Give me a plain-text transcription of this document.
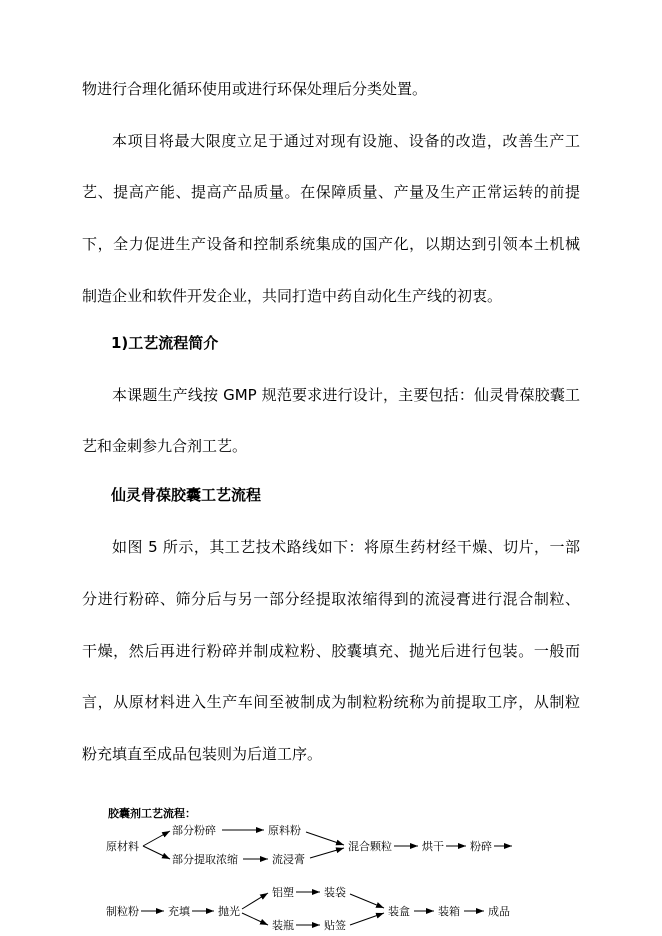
物进行合理化循环使用或进行环保处理后分类处置。
本项目将最大限度立足于通过对现有设施、设备的改造，改善生产工
艺、提高产能、提高产品质量。在保障质量、产量及生产正常运转的前提
下，全力促进生产设备和控制系统集成的国产化，以期达到引领本土机械
制造企业和软件开发企业，共同打造中药自动化生产线的初衷。
1)工艺流程简介
本课题生产线按 GMP 规范要求进行设计，主要包括：仙灵骨葆胶囊工
艺和金刺参九合剂工艺。
仙灵骨葆胶囊工艺流程
如图 5 所示，其工艺技术路线如下：将原生药材经干燥、切片，一部
分进行粉碎、筛分后与另一部分经提取浓缩得到的流浸膏进行混合制粒、
干燥，然后再进行粉碎并制成粒粉、胶囊填充、抛光后进行包装。一般而
言，从原材料进入生产车间至被制成为制粒粉统称为前提取工序，从制粒
粉充填直至成品包装则为后道工序。
胶囊剂工艺流程：
原材料
部分粉碎	原料粉
部分提取浓缩	流浸膏
混合颗粒	烘干 粉碎
制粒粉	充填	抛光
铝塑	装袋
装瓶	贴签
装盒	装箱	成品
